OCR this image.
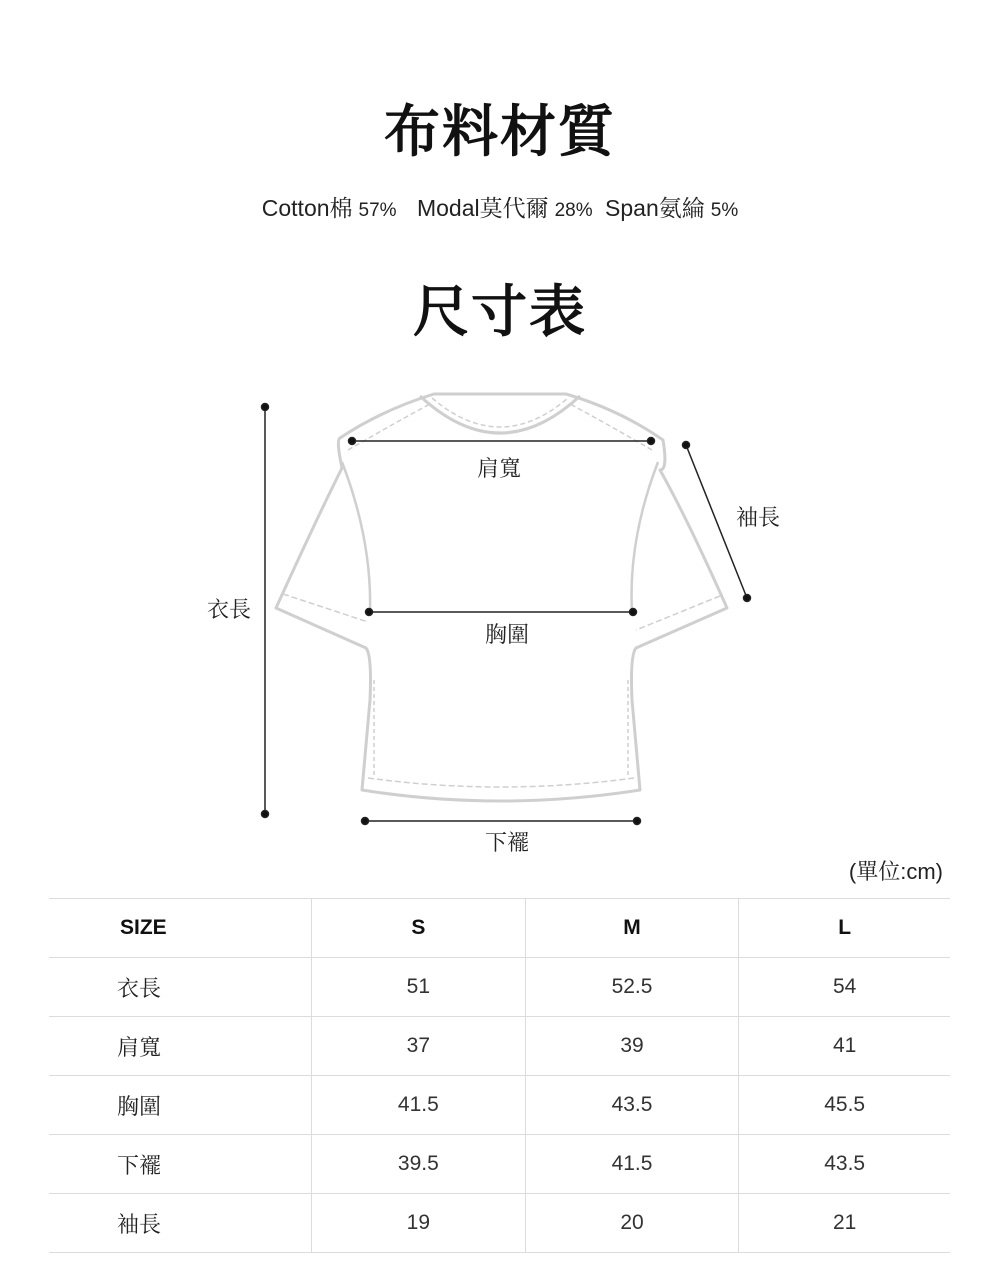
布料材質
Cotton棉 57% Modal莫代爾 28% Span氨綸 5%
尺寸表
衣長
肩寬
袖長
胸圍
下襬
(單位:cm)
SIZE	S	M	L
衣長	51	52.5	54
肩寬	37	39	41
胸圍	41.5	43.5	45.5
下襬	39.5	41.5	43.5
袖長	19	20	21
